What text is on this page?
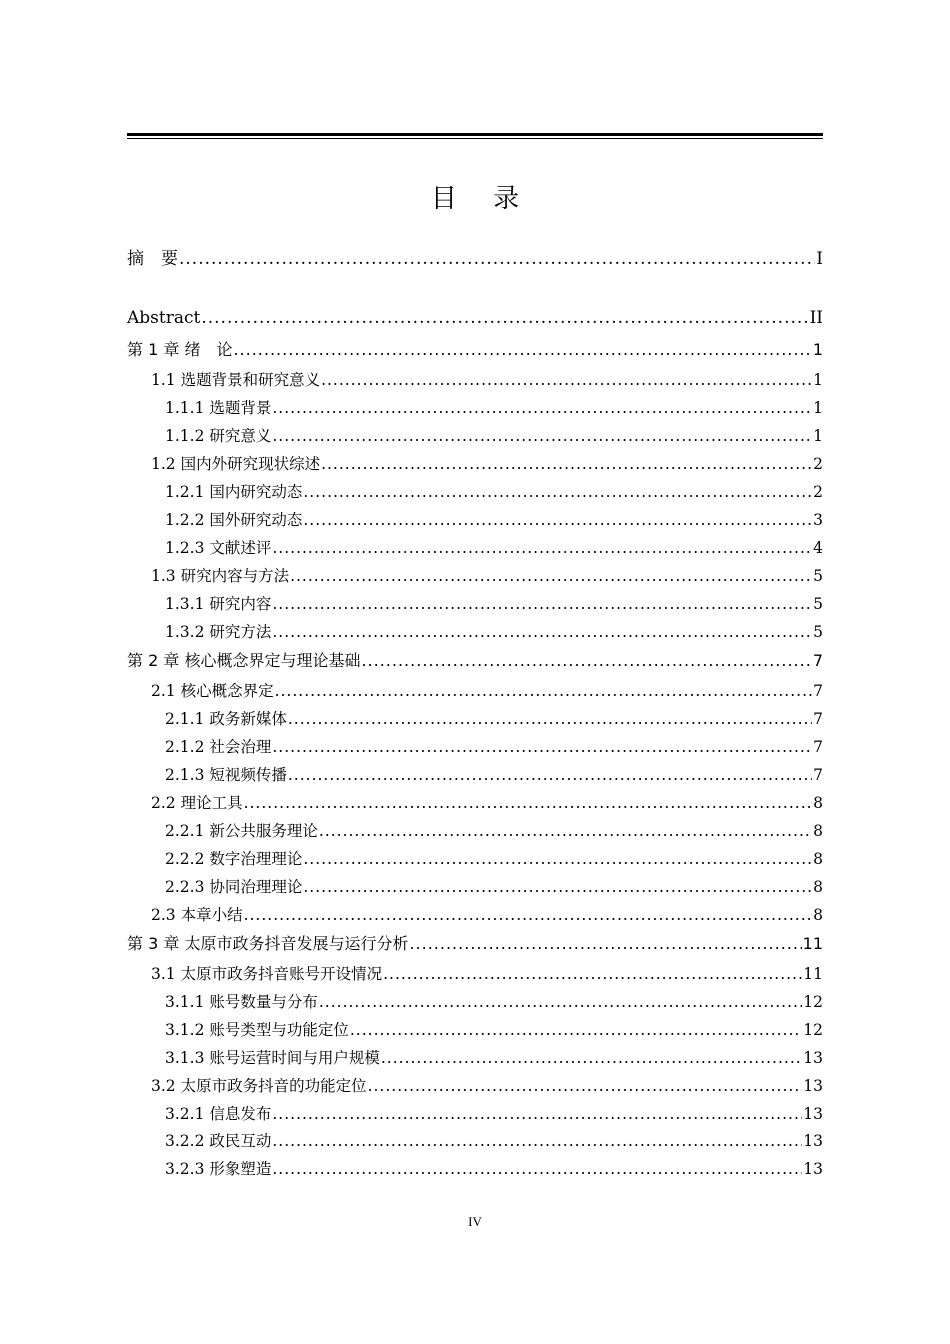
目 录
摘　要 .....	I
Abstract .....	II
第 1 章 绪　论 .....	1
1.1 选题背景和研究意义 .....	1
1.1.1 选题背景 .....	1
1.1.2 研究意义 .....	1
1.2 国内外研究现状综述 .....	2
1.2.1 国内研究动态 .....	2
1.2.2 国外研究动态 .....	3
1.2.3 文献述评 .....	4
1.3 研究内容与方法 .....	5
1.3.1 研究内容 .....	5
1.3.2 研究方法 .....	5
第 2 章 核心概念界定与理论基础 .....	7
2.1 核心概念界定 .....	7
2.1.1 政务新媒体 .....	7
2.1.2 社会治理 .....	7
2.1.3 短视频传播 .....	7
2.2 理论工具 .....	8
2.2.1 新公共服务理论 .....	8
2.2.2 数字治理理论 .....	8
2.2.3 协同治理理论 .....	8
2.3 本章小结 .....	8
第 3 章 太原市政务抖音发展与运行分析 .....	11
3.1 太原市政务抖音账号开设情况 .....	11
3.1.1 账号数量与分布 .....	12
3.1.2 账号类型与功能定位 .....	12
3.1.3 账号运营时间与用户规模 .....	13
3.2 太原市政务抖音的功能定位 .....	13
3.2.1 信息发布 .....	13
3.2.2 政民互动 .....	13
3.2.3 形象塑造 .....	13
IV
